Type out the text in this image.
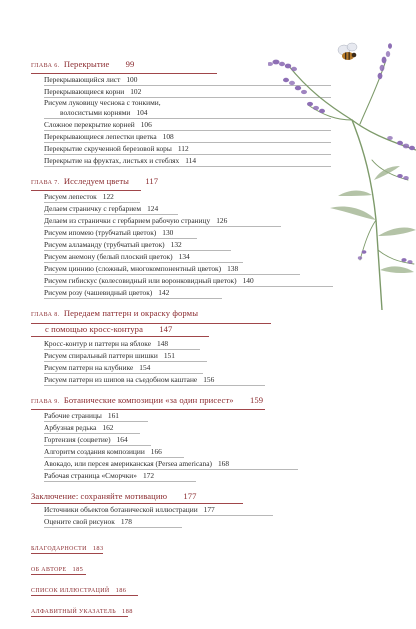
ГЛАВА 6. Перекрытие 99
Перекрывающийся лист 100
Перекрывающиеся корни 102
Рисуем луковицу чеснока с тонкими,
волосистыми корнями 104
Сложное перекрытие корней 106
Перекрывающиеся лепестки цветка 108
Перекрытие скрученной березовой коры 112
Перекрытие на фруктах, листьях и стеблях 114
ГЛАВА 7. Исследуем цветы 117
Рисуем лепесток 122
Делаем страничку с гербарием 124
Делаем из странички с гербарием рабочую страницу 126
Рисуем ипомею (трубчатый цветок) 130
Рисуем алламанду (трубчатый цветок) 132
Рисуем анемону (белый плоский цветок) 134
Рисуем циннию (сложный, многокомпонентный цветок) 138
Рисуем гибискус (колесовидный или воронковидный цветок) 140
Рисуем розу (чашевидный цветок) 142
ГЛАВА 8. Передаем паттерн и окраску формы
с помощью кросс-контура 147
Кросс-контур и паттерн на яблоке 148
Рисуем спиральный паттерн шишки 151
Рисуем паттерн на клубнике 154
Рисуем паттерн из шипов на съедобном каштане 156
ГЛАВА 9. Ботанические композиции «за один присест» 159
Рабочие страницы 161
Арбузная редька 162
Гортензия (соцветие) 164
Алгоритм создания композиции 166
Авокадо, или персея американская (Persea americana) 168
Рабочая страница «Сморчки» 172
Заключение: сохраняйте мотивацию 177
Источники объектов ботанической иллюстрации 177
Оцените свой рисунок 178
БЛАГОДАРНОСТИ 183
ОБ АВТОРЕ 185
СПИСОК ИЛЛЮСТРАЦИЙ 186
АЛФАВИТНЫЙ УКАЗАТЕЛЬ 188
